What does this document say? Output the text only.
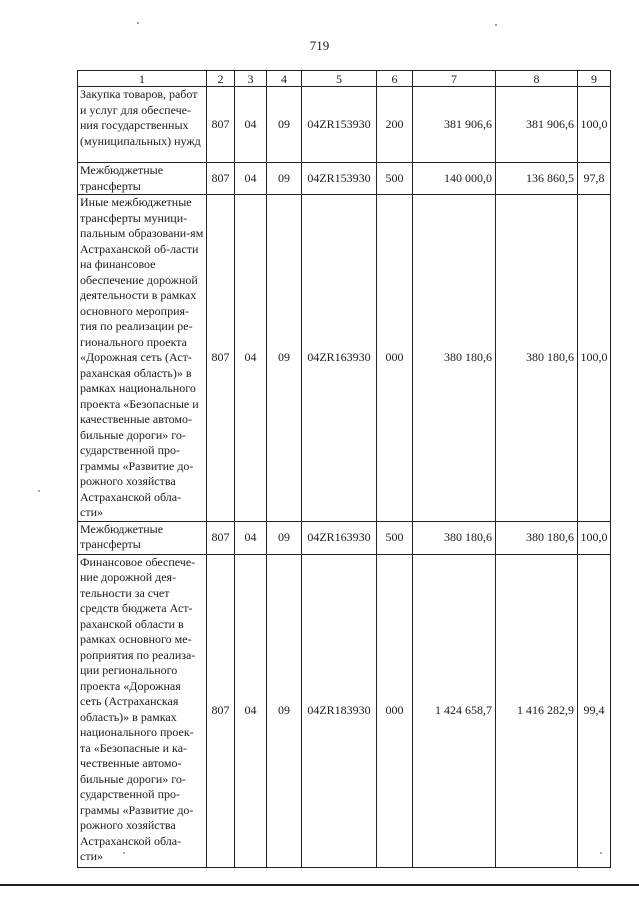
719
1	2	3	4	5	6	7	8	9
Закупка товаров, работ и услуг для обеспече-ния государственных (муниципальных) нужд	807	04	09	04ZR153930	200	381 906,6	381 906,6	100,0
Межбюджетные трансферты	807	04	09	04ZR153930	500	140 000,0	136 860,5	97,8
Иные межбюджетные трансферты муници-пальным образовани-ям Астраханской об-ласти на финансовое обеспечение дорожной деятельности в рамках основного мероприя-тия по реализации ре-гионального проекта «Дорожная сеть (Аст-раханская область)» в рамках национального проекта «Безопасные и качественные автомо-бильные дороги» го-сударственной про-граммы «Развитие до-рожного хозяйства Астраханской обла-сти»	807	04	09	04ZR163930	000	380 180,6	380 180,6	100,0
Межбюджетные трансферты	807	04	09	04ZR163930	500	380 180,6	380 180,6	100,0
Финансовое обеспече-ние дорожной дея-тельности за счет средств бюджета Аст-раханской области в рамках основного ме-роприятия по реализа-ции регионального проекта «Дорожная сеть (Астраханская область)» в рамках национального проек-та «Безопасные и ка-чественные автомо-бильные дороги» го-сударственной про-граммы «Развитие до-рожного хозяйства Астраханской обла-сти»	807	04	09	04ZR183930	000	1 424 658,7	1 416 282,9	99,4
